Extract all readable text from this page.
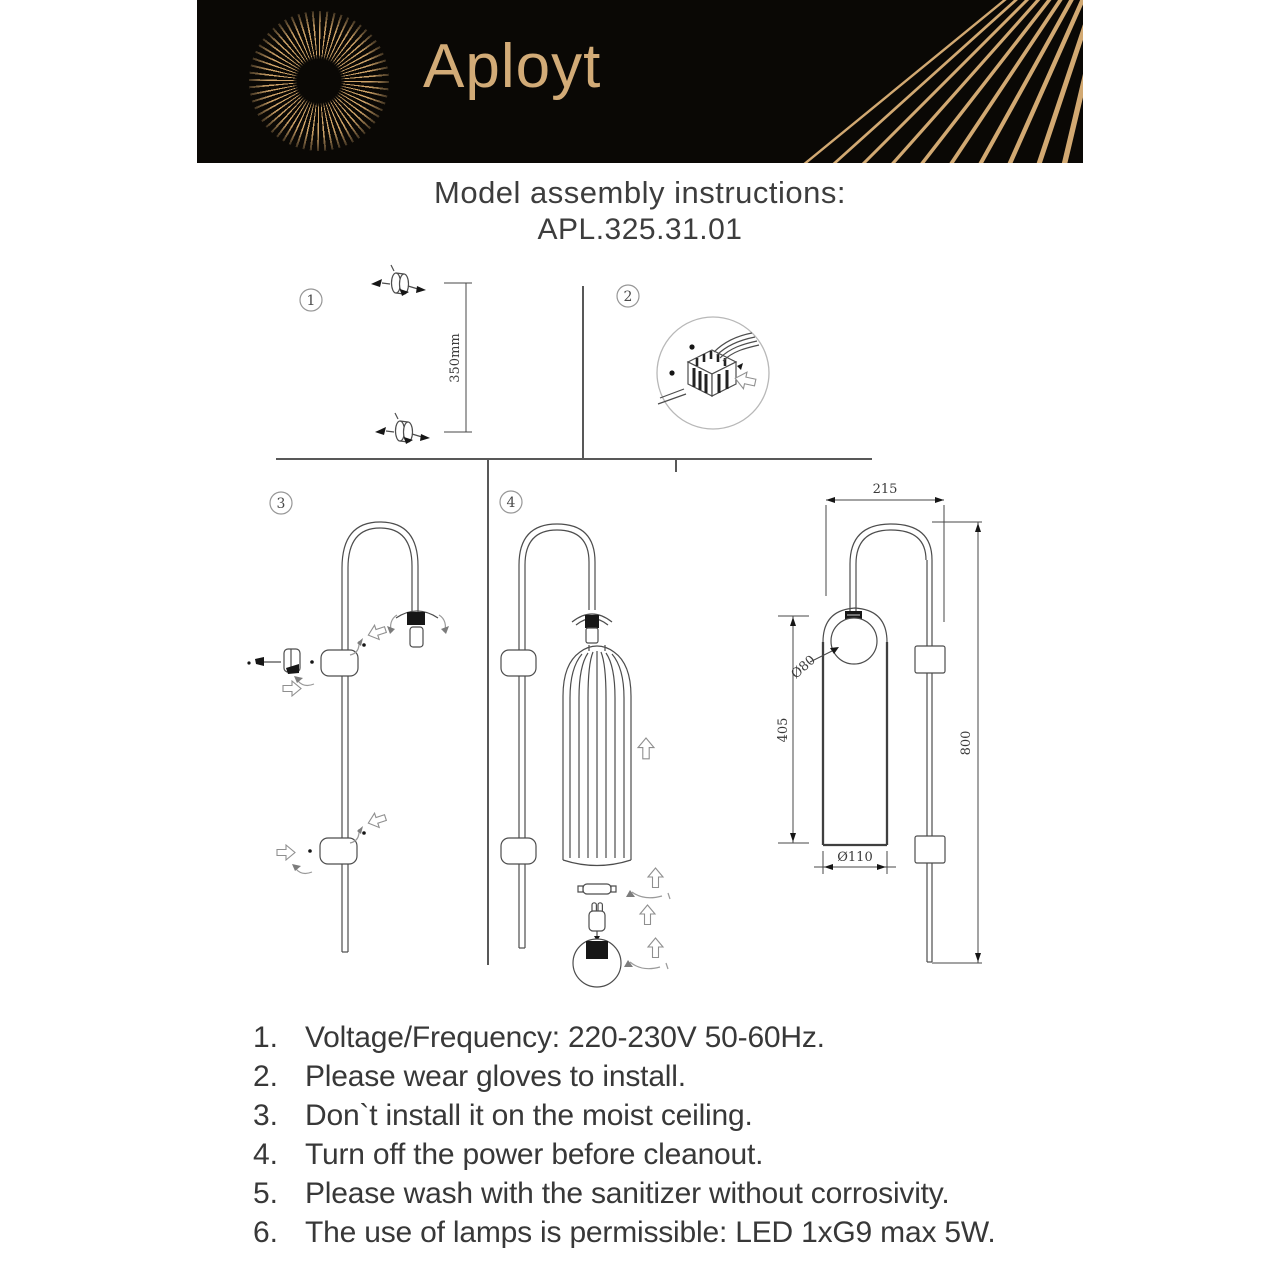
Aployt
Model assembly instructions:
APL.325.31.01
1
350mm
2
3	4
215
800
405
Ø80
Ø110
1. Voltage/Frequency: 220-230V 50-60Hz.
2. Please wear gloves to install.
3. Don`t install it on the moist ceiling.
4. Turn off the power before cleanout.
5. Please wash with the sanitizer without corrosivity.
6. The use of lamps is permissible: LED 1xG9 max 5W.
